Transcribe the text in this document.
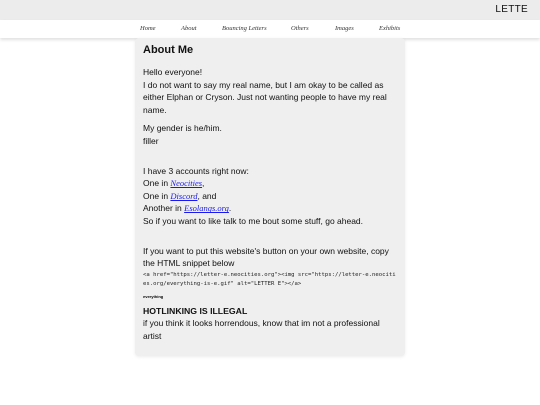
LETTE
Home	About	Bouncing Letters	Others	Images	Exhibits
About Me

Hello everyone!

I do not want to say my real name, but I am okay to be called as either Elphan or Cryson. Just not wanting people to have my real name.

My gender is he/him.

filler

I have 3 accounts right now:

One in Neocities,

One in Discord, and

Another in Esolangs.org.

So if you want to like talk to me bout some stuff, go ahead.

If you want to put this website's button on your own website, copy the HTML snippet below

<a href="https://letter-e.neocities.org"><img src="https://letter-e.neocities.org/everything-is-e.gif" alt="LETTER E"></a>

everything

HOTLINKING IS ILLEGAL

if you think it looks horrendous, know that im not a professional artist
